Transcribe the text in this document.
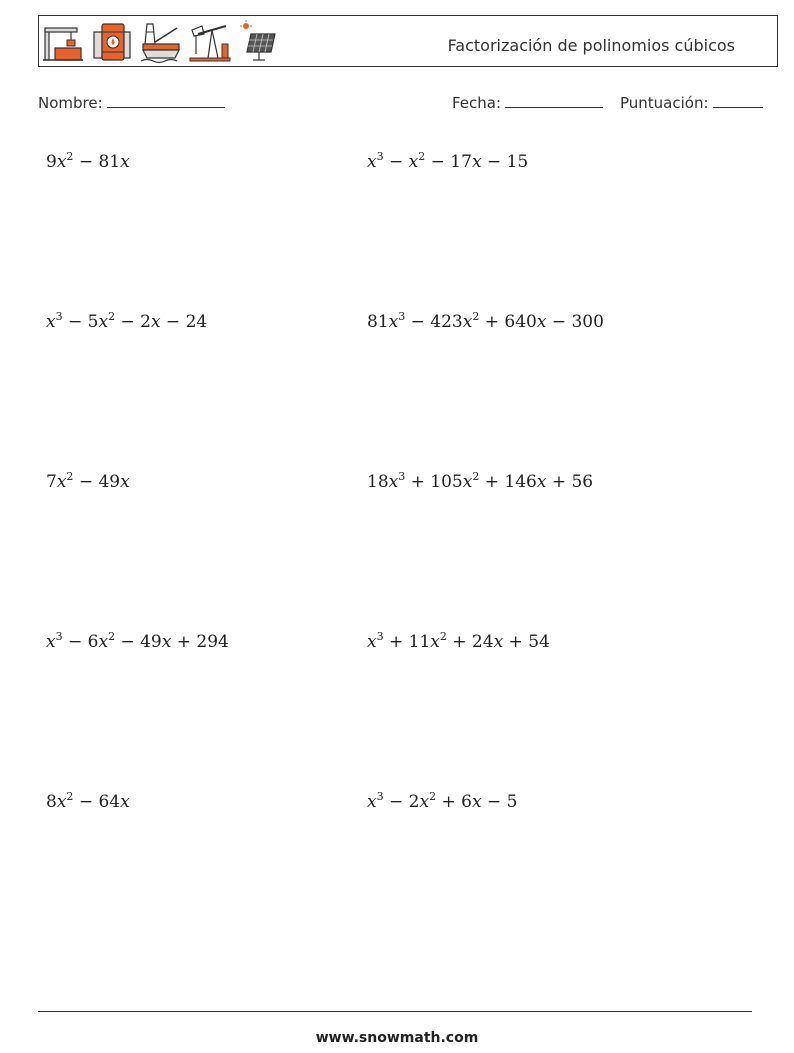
Factorización de polinomios cúbicos
Nombre:	Fecha:	Puntuación:
$9x^2 - 81x$	$x^3 - x^2 - 17x - 15$
$x^3 - 5x^2 - 2x - 24$	$81x^3 - 423x^2 + 640x - 300$
$7x^2 - 49x$	$18x^3 + 105x^2 + 146x + 56$
$x^3 - 6x^2 - 49x + 294$	$x^3 + 11x^2 + 24x + 54$
$8x^2 - 64x$	$x^3 - 2x^2 + 6x - 5$
www.snowmath.com
